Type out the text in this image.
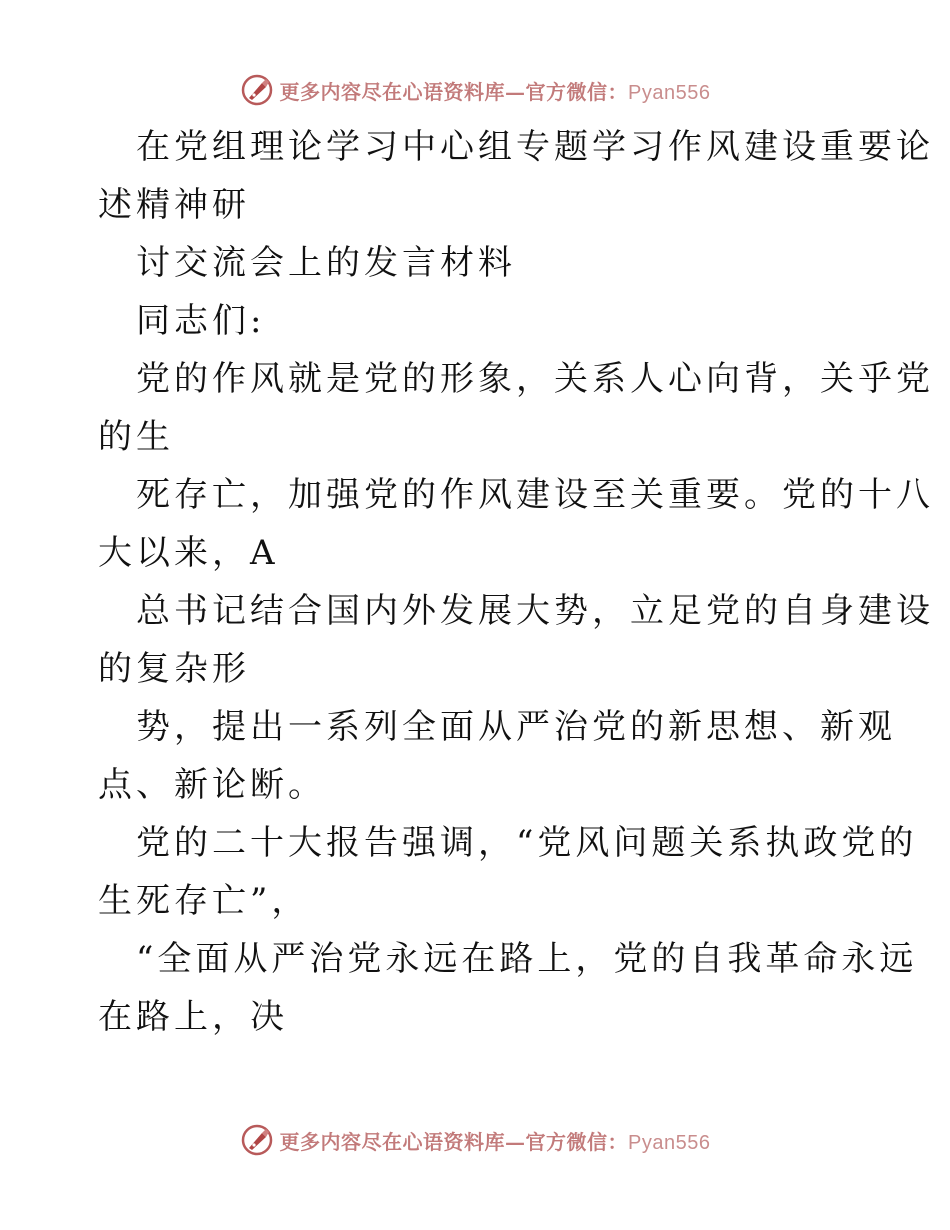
更多内容尽在心语资料库—官方微信：Pyan556
在党组理论学习中心组专题学习作风建设重要论
述精神研
讨交流会上的发言材料
同志们:
党的作风就是党的形象，关系人心向背，关乎党
的生
死存亡，加强党的作风建设至关重要。党的十八
大以来，A
总书记结合国内外发展大势，立足党的自身建设
的复杂形
势，提出一系列全面从严治党的新思想、新观
点、新论断。
党的二十大报告强调，“党风问题关系执政党的
生死存亡”，
“全面从严治党永远在路上，党的自我革命永远
在路上，决
更多内容尽在心语资料库—官方微信：Pyan556
